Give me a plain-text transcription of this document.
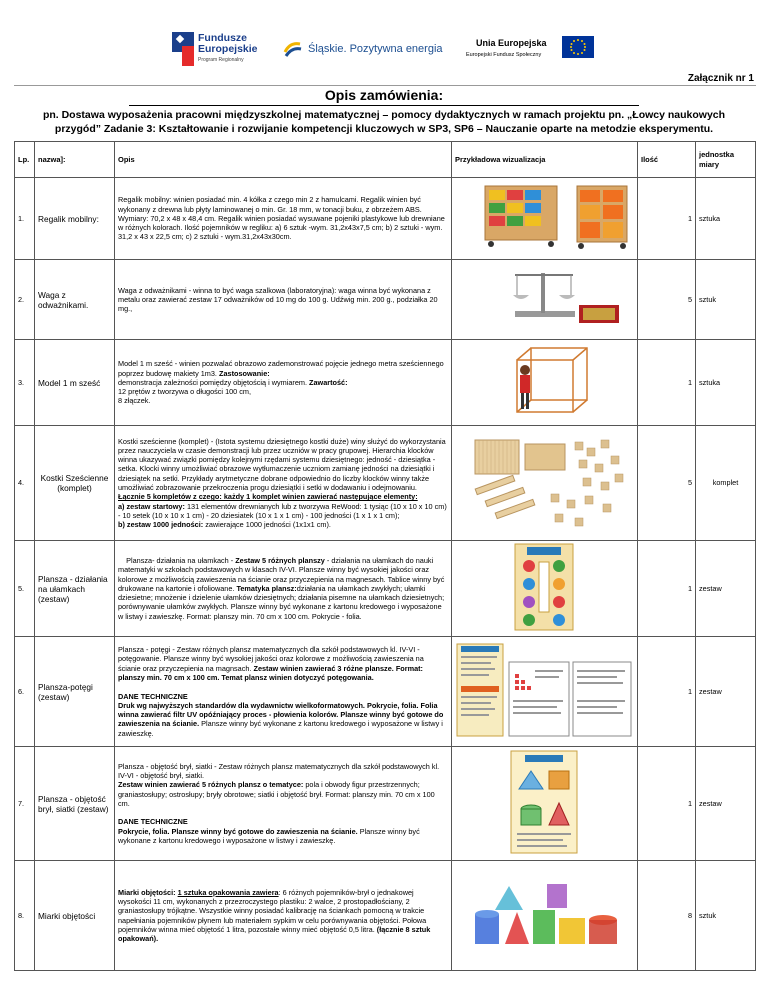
Fundusze
Europejskie
Program Regionalny
Śląskie. Pozytywna energia	Unia Europejska
Europejski Fundusz Społeczny
Załącznik nr 1
Opis zamówienia:
pn. Dostawa wyposażenia pracowni międzyszkolnej matematycznej – pomocy dydaktycznych w ramach projektu pn. „Łowcy naukowych przygód” Zadanie 3: Kształtowanie i rozwijanie kompetencji kluczowych w SP3, SP6 – Nauczanie oparte na metodzie eksperymentu.
Lp.	nazwa]:	Opis	Przykładowa wizualizacja	Ilość	jednostka miary
1.	Regalik mobilny:	Regalik mobilny: winien posiadać min. 4 kółka z czego min 2 z hamulcami. Regalik winien być wykonany z drewna lub płyty laminowanej o min. Gr. 18 mm, w tonacji buku, z obrzeżem ABS. Wymiary: 70,2 x 48 x 48,4 cm. Regalik winien posiadać wysuwane pojeniki plastykowe lub drewniane w różnych kolorach. Ilość pojemników w regliku: a) 6 sztuk -wym. 31,2x43x7,5 cm; b) 2 sztuki - wym. 31,2 x 43 x 22,5 cm; c) 2 sztuki - wym.31,2x43x30cm.		1	sztuka
2.	Waga z odważnikami.	Waga z odważnikami - winna to być waga szalkowa (laboratoryjna): waga winna być wykonana z metalu oraz zawierać zestaw 17 odważników od 10 mg do 100 g. Udźwig min. 200 g., podziałka 20 mg.,		5	sztuk
3.	Model 1 m sześć	Model 1 m sześć - winien pozwalać obrazowo zademonstrować pojęcie jednego metra sześciennego poprzez budowę makiety 1m3. Zastosowanie:
demonstracja zależności pomiędzy objętością i wymiarem. Zawartość:
12 prętów z tworzywa o długości 100 cm,
8 złączek.		1	sztuka
4.	Kostki Sześcienne (komplet)	Kostki sześcienne (komplet) - (Istota systemu dziesiętnego kostki duże) winy służyć do wykorzystania przez nauczyciela w czasie demonstracji lub przez uczniów w pracy grupowej. Hierarchia klocków winna ukazywać związki pomiędzy kolejnymi rzędami systemu dziesiętnego: jedność - dziesiątka - setka. Klocki winny umożliwiać obrazowe wytłumaczenie uczniom zamianę jedności na dziesiątki i dziesiątek na setki. Przykłady arytmetyczne dobrane odpowiednio do liczby klocków winny także umożliwiać zobrazowanie przekroczenia progu dziesiątki i setki w dodawaniu i odejmowaniu.
Łącznie 5 kompletów z czego: każdy 1 komplet winien zawierać następujące elementy:
a) zestaw startowy: 131 elementów drewnianych lub z tworzywa ReWood: 1 tysiąc (10 x 10 x 10 cm) - 10 setek (10 x 10 x 1 cm) - 20 dziesiatek (10 x 1 x 1 cm) - 100 jedności (1 x 1 x 1 cm);
b) zestaw 1000 jedności: zawierające 1000 jedności (1x1x1 cm).		5	komplet
5.	Plansza - działania na ułamkach (zestaw)	Plansza- działania na ułamkach - Zestaw 5 różnych planszy - działania na ułamkach do nauki matematyki w szkołach podstawowych w klasach IV-VI. Plansze winny być wysokiej jakości oraz kolorowe z możliwością zawieszenia na ścianie oraz przyczepienia na magnesach. Tablice winny być drukowane na kartonie i ofoliowane. Tematyka plansz:działania na ułamkach zwykłych; ułamki dziesietne; mnożenie i dzielenie ułamków dziesiętnych; działania pisemne na ułamkach dziesietnych; porównywanie ułamków zwykłych. Plansze winny być wykonane z kartonu kredowego i wyposażone w listwy i zawieszkę. Format: planszy min. 70 cm x 100 cm. Pokrycie - folia.		1	zestaw
6.	Plansza-potęgi (zestaw)	Plansza - potęgi - Zestaw różnych plansz matematycznych dla szkół podstawowych kl. IV-VI - potęgowanie. Plansze winny być wysokiej jakości oraz kolorowe z możliwością zawieszenia na ścianie oraz przyczepienia na magnsach. Zestaw winien zawierać 3 różne plansze. Format: planszy min. 70 cm x 100 cm. Temat plansz winien dotyczyć potęgowania.

DANE TECHNICZNE
Druk wg najwyższych standardów dla wydawnictw wielkoformatowych. Pokrycie, folia. Folia winna zawierać filtr UV opóźniający proces - płowienia kolorów. Plansze winny być gotowe do zawieszenia na ścianie. Plansze winny być wykonane z kartonu kredowego i wyposażone w listwy i zawieszkę.		1	zestaw
7.	Plansza - objętość brył, siatki (zestaw)	Plansza - objętość brył, siatki - Zestaw różnych plansz matematycznych dla szkół podstawowych kl. IV-VI - objętość brył, siatki.
Zestaw winien zawierać 5 różnych plansz o tematyce: pola i obwody figur przestrzennych; graniastosłupy; ostrosłupy; bryły obrotowe; siatki i objętość brył. Format: planszy min. 70 cm x 100 cm.

DANE TECHNICZNE
Pokrycie, folia. Plansze winny być gotowe do zawieszenia na ścianie. Plansze winny być wykonane z kartonu kredowego i wyposażone w listwy i zawieszkę.		1	zestaw
8.	Miarki objętości	Miarki objętości: 1 sztuka opakowania zawiera: 6 różnych pojemników-brył o jednakowej wysokości 11 cm, wykonanych z przezroczystego plastiku: 2 walce, 2 prostopadłościany, 2 graniastosłupy trójkątne. Wszystkie winny posiadać kalibrację na ściankach pomocną w trakcie napełniania pojemników płynem lub materiałem sypkim w celu porównywania objętości. Połowa pojemników winna mieć objętość 1 litra, pozostałe winny mieć objętość 0,5 litra. (łącznie 8 sztuk opakowań).		8	sztuk
